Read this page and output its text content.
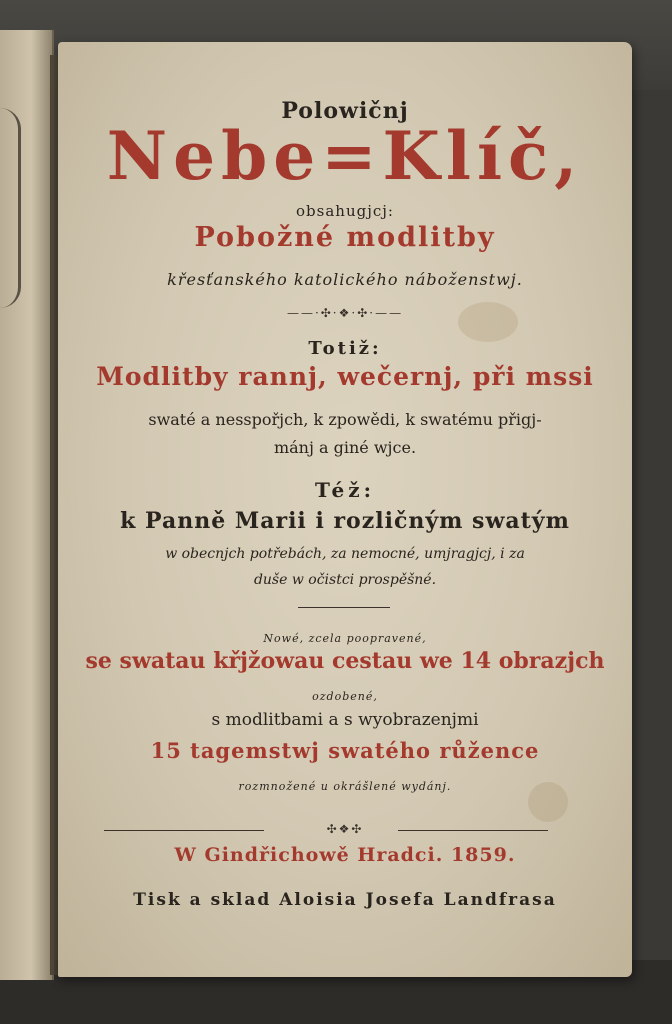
Polowičnj
Nebe=Klíč,
obsahugjcj:
Pobožné modlitby
křesťanského katolického náboženstwj.
——·✣·❖·✣·——
Totiž:
Modlitby rannj, wečernj, při mssi
swaté a nesspořjch, k zpowědi, k swatému přigj-
mánj a giné wjce.
Též:
k Panně Marii i rozličným swatým
w obecnjch potřebách, za nemocné, umjragjcj, i za
duše w očistci prospěšné.
Nowé, zcela poopravené,
se swatau křjžowau cestau we 14 obrazjch
ozdobené,
s modlitbami a s wyobrazenjmi
15 tagemstwj swatého růžence
rozmnožené u okrášlené wydánj.
✣❖✣
W Gindřichowě Hradci. 1859.
Tisk a sklad Aloisia Josefa Landfrasa
